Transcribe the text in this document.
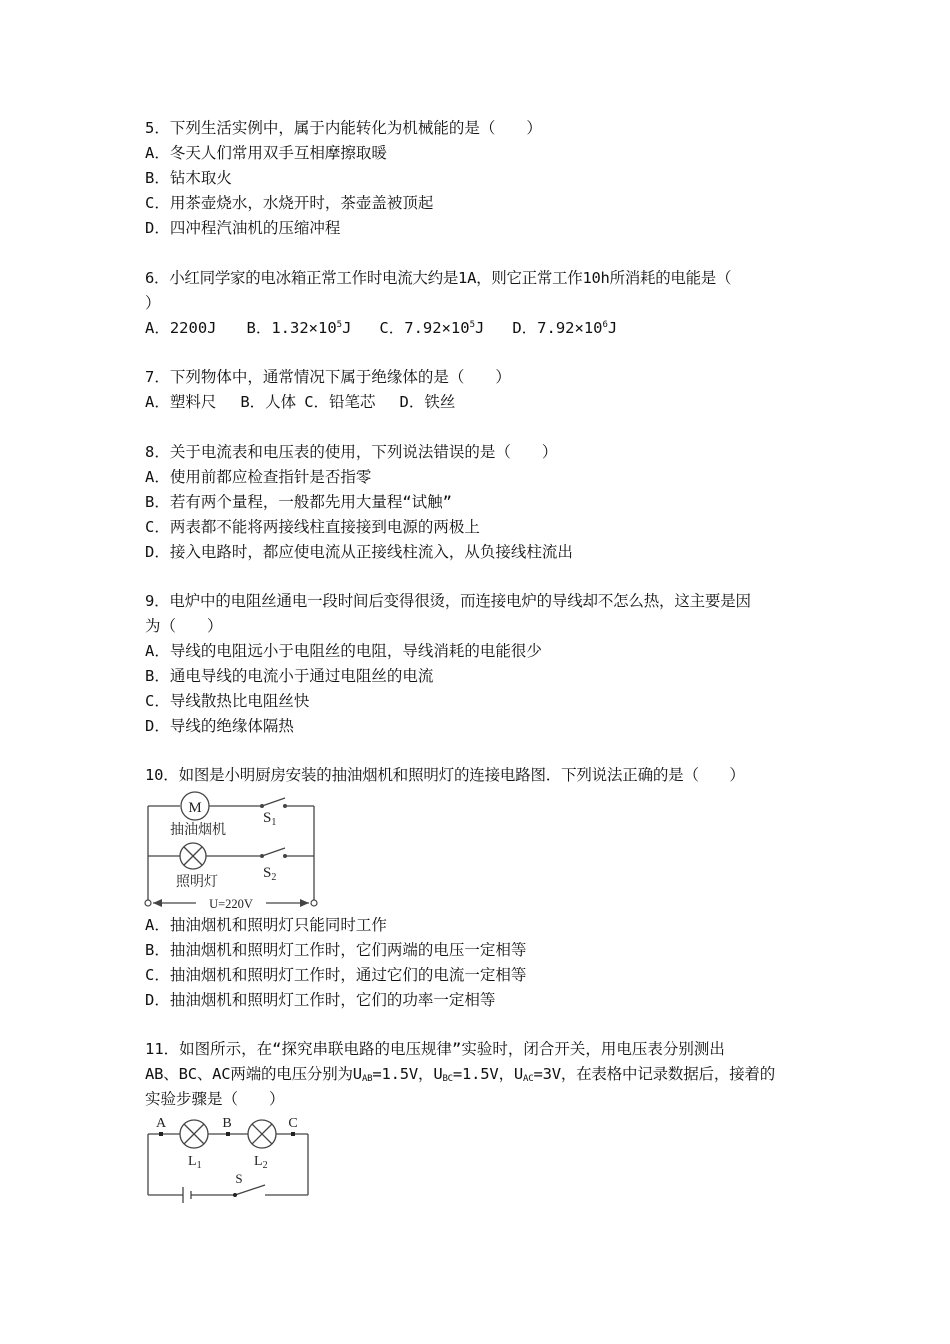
5．下列生活实例中，属于内能转化为机械能的是（　　）
A．冬天人们常用双手互相摩擦取暖
B．钻木取火
C．用茶壶烧水，水烧开时，茶壶盖被顶起
D．四冲程汽油机的压缩冲程
6．小红同学家的电冰箱正常工作时电流大约是1A，则它正常工作10h所消耗的电能是（
）
A．2200J B．$1.32\times 10^5J$ C．$7.92\times 10^5J$ D．$7.92\times 10^6J$
7．下列物体中，通常情况下属于绝缘体的是（　　）
A．塑料尺 B．人体 C．铅笔芯 D．铁丝
8．关于电流表和电压表的使用，下列说法错误的是（　　）
A．使用前都应检查指针是否指零
B．若有两个量程，一般都先用大量程“试触”
C．两表都不能将两接线柱直接接到电源的两极上
D．接入电路时，都应使电流从正接线柱流入，从负接线柱流出
9．电炉中的电阻丝通电一段时间后变得很烫，而连接电炉的导线却不怎么热，这主要是因
为（　　）
A．导线的电阻远小于电阻丝的电阻，导线消耗的电能很少
B．通电导线的电流小于通过电阻丝的电流
C．导线散热比电阻丝快
D．导线的绝缘体隔热
10．如图是小明厨房安装的抽油烟机和照明灯的连接电路图．下列说法正确的是（　　）
M
抽油烟机
$S_1$
照明灯
$S_2$
U=220V
A．抽油烟机和照明灯只能同时工作
B．抽油烟机和照明灯工作时，它们两端的电压一定相等
C．抽油烟机和照明灯工作时，通过它们的电流一定相等
D．抽油烟机和照明灯工作时，它们的功率一定相等
11．如图所示，在“探究串联电路的电压规律”实验时，闭合开关，用电压表分别测出
AB、BC、AC两端的电压分别为$U_{AB}=1.5V$，$U_{BC}=1.5V$，$U_{AC}=3V$，在表格中记录数据后，接着的
实验步骤是（　　）
A	B	C
$L_1$	$L_2$
S
